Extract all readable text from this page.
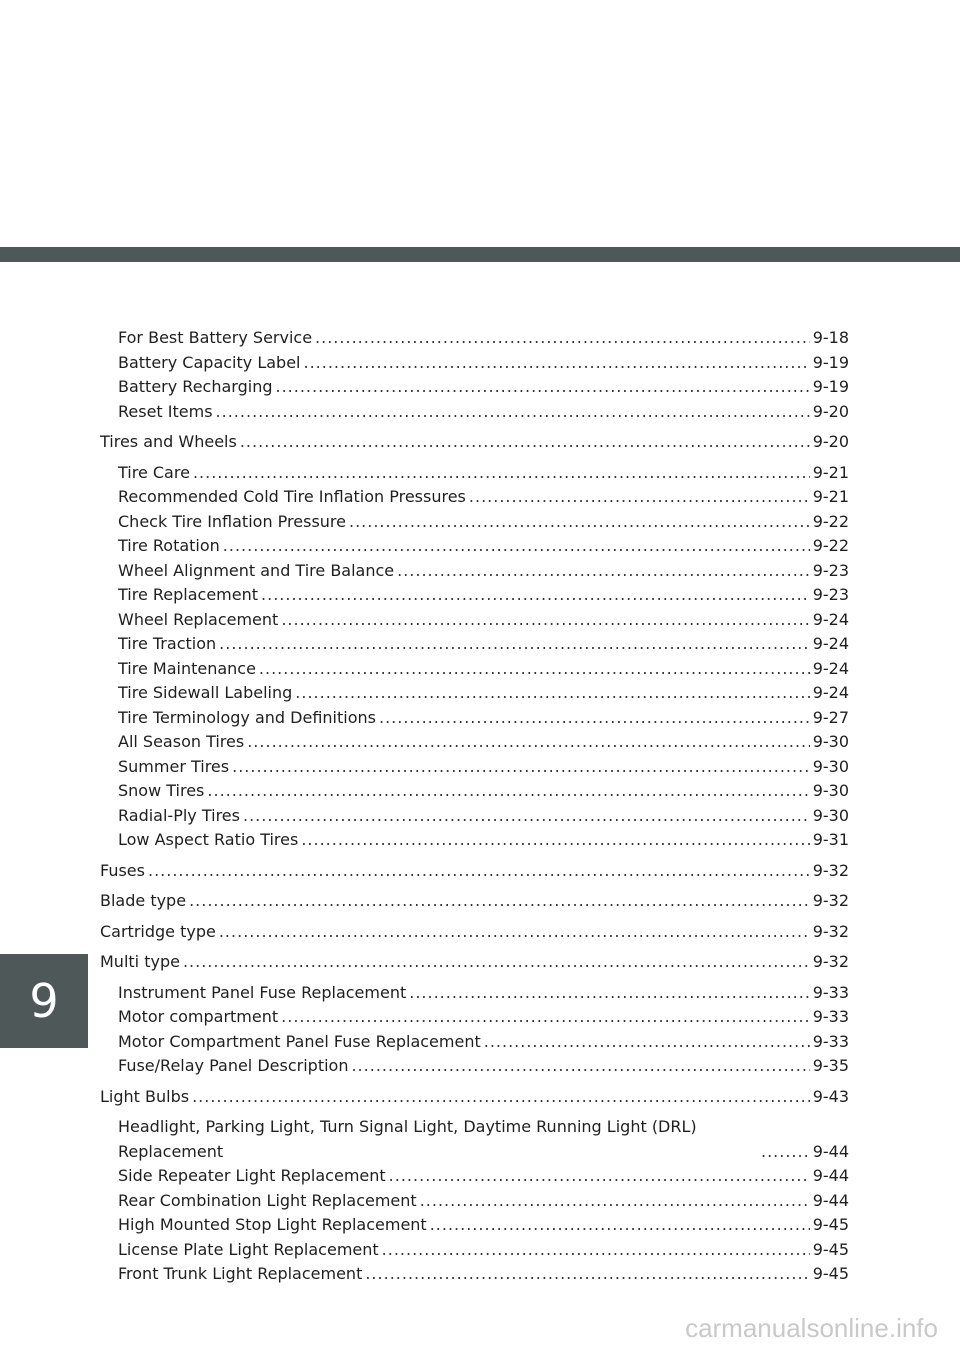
For Best Battery Service .....	9-18
Battery Capacity Label .....	9-19
Battery Recharging .....	9-19
Reset Items .....	9-20
Tires and Wheels .....	9-20
Tire Care .....	9-21
Recommended Cold Tire Inflation Pressures .....	9-21
Check Tire Inflation Pressure .....	9-22
Tire Rotation .....	9-22
Wheel Alignment and Tire Balance .....	9-23
Tire Replacement .....	9-23
Wheel Replacement .....	9-24
Tire Traction .....	9-24
Tire Maintenance .....	9-24
Tire Sidewall Labeling .....	9-24
Tire Terminology and Definitions .....	9-27
All Season Tires .....	9-30
Summer Tires .....	9-30
Snow Tires .....	9-30
Radial-Ply Tires .....	9-30
Low Aspect Ratio Tires .....	9-31
Fuses .....	9-32
Blade type .....	9-32
Cartridge type .....	9-32
Multi type .....	9-32
Instrument Panel Fuse Replacement .....	9-33
Motor compartment .....	9-33
Motor Compartment Panel Fuse Replacement .....	9-33
Fuse/Relay Panel Description .....	9-35
Light Bulbs .....	9-43
Headlight, Parking Light, Turn Signal Light, Daytime Running Light (DRL) Replacement .....	9-44
Side Repeater Light Replacement .....	9-44
Rear Combination Light Replacement .....	9-44
High Mounted Stop Light Replacement .....	9-45
License Plate Light Replacement .....	9-45
Front Trunk Light Replacement .....	9-45
9
carmanualsonline.info
